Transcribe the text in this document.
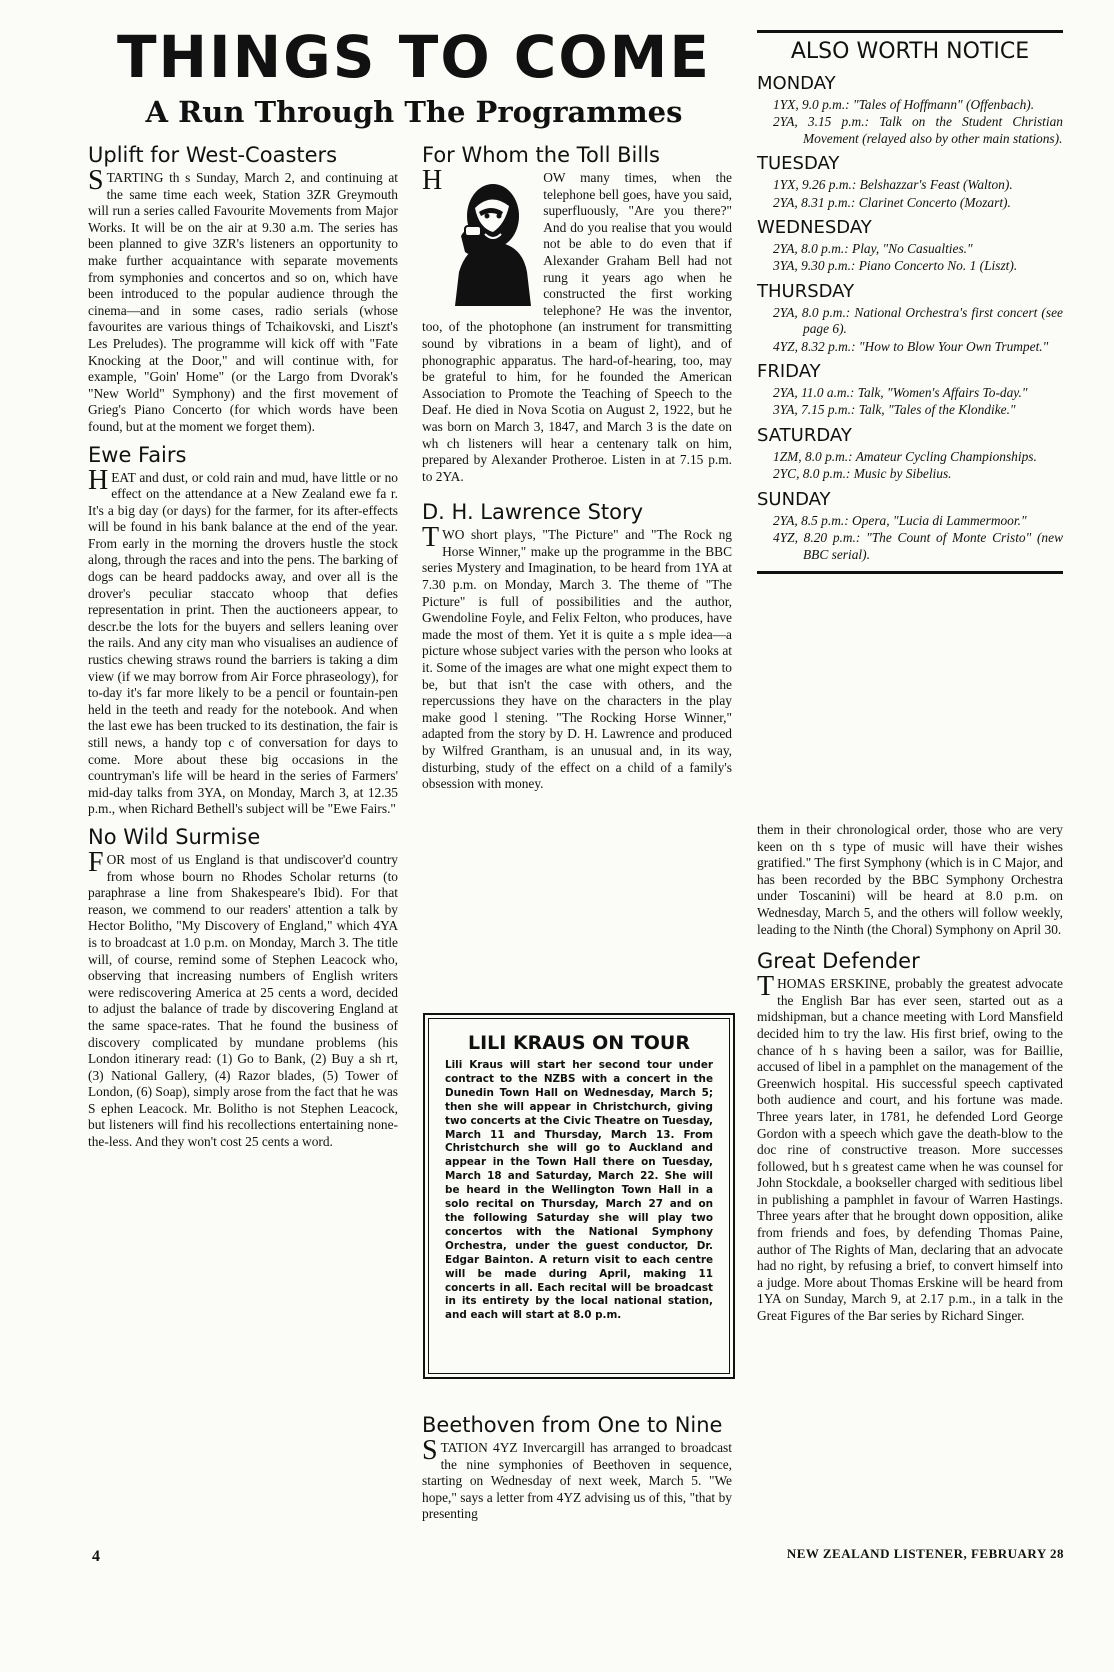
THINGS TO COME
A Run Through The Programmes
Uplift for West-Coasters

STARTING th s Sunday, March 2, and continuing at the same time each week, Station 3ZR Greymouth will run a series called Favourite Movements from Major Works. It will be on the air at 9.30 a.m. The series has been planned to give 3ZR's listeners an opportunity to make further acquaintance with separate movements from symphonies and concertos and so on, which have been introduced to the popular audience through the cinema—and in some cases, radio serials (whose favourites are various things of Tchaikovski, and Liszt's Les Preludes). The programme will kick off with "Fate Knocking at the Door," and will continue with, for example, "Goin' Home" (or the Largo from Dvorak's "New World" Symphony) and the first movement of Grieg's Piano Concerto (for which words have been found, but at the moment we forget them).

Ewe Fairs

HEAT and dust, or cold rain and mud, have little or no effect on the attendance at a New Zealand ewe fa r. It's a big day (or days) for the farmer, for its after-effects will be found in his bank balance at the end of the year. From early in the morning the drovers hustle the stock along, through the races and into the pens. The barking of dogs can be heard paddocks away, and over all is the drover's peculiar staccato whoop that defies representation in print. Then the auctioneers appear, to descr.be the lots for the buyers and sellers leaning over the rails. And any city man who visualises an audience of rustics chewing straws round the barriers is taking a dim view (if we may borrow from Air Force phraseology), for to-day it's far more likely to be a pencil or fountain-pen held in the teeth and ready for the notebook. And when the last ewe has been trucked to its destination, the fair is still news, a handy top c of conversation for days to come. More about these big occasions in the countryman's life will be heard in the series of Farmers' mid-day talks from 3YA, on Monday, March 3, at 12.35 p.m., when Richard Bethell's subject will be "Ewe Fairs."

No Wild Surmise

FOR most of us England is that undiscover'd country from whose bourn no Rhodes Scholar returns (to paraphrase a line from Shakespeare's Ibid). For that reason, we commend to our readers' attention a talk by Hector Bolitho, "My Discovery of England," which 4YA is to broadcast at 1.0 p.m. on Monday, March 3. The title will, of course, remind some of Stephen Leacock who, observing that increasing numbers of English writers were rediscovering America at 25 cents a word, decided to adjust the balance of trade by discovering England at the same space-rates. That he found the business of discovery complicated by mundane problems (his London itinerary read: (1) Go to Bank, (2) Buy a sh rt, (3) National Gallery, (4) Razor blades, (5) Tower of London, (6) Soap), simply arose from the fact that he was S ephen Leacock. Mr. Bolitho is not Stephen Leacock, but listeners will find his recollections entertaining none-the-less. And they won't cost 25 cents a word.

For Whom the Toll Bills

H	OW many times, when the telephone bell goes, have you said, superfluously, "Are you there?" And do you realise that you would not be able to do even that if Alexander Graham Bell had not rung it years ago when he constructed the first working telephone? He was the inventor, too, of the photophone (an instrument for transmitting sound by vibrations in a beam of light), and of phonographic apparatus. The hard-of-hearing, too, may be grateful to him, for he founded the American Association to Promote the Teaching of Speech to the Deaf. He died in Nova Scotia on August 2, 1922, but he was born on March 3, 1847, and March 3 is the date on wh ch listeners will hear a centenary talk on him, prepared by Alexander Protheroe. Listen in at 7.15 p.m. to 2YA.

D. H. Lawrence Story

TWO short plays, "The Picture" and "The Rock ng Horse Winner," make up the programme in the BBC series Mystery and Imagination, to be heard from 1YA at 7.30 p.m. on Monday, March 3. The theme of "The Picture" is full of possibilities and the author, Gwendoline Foyle, and Felix Felton, who produces, have made the most of them. Yet it is quite a s mple idea—a picture whose subject varies with the person who looks at it. Some of the images are what one might expect them to be, but that isn't the case with others, and the repercussions they have on the characters in the play make good l stening. "The Rocking Horse Winner," adapted from the story by D. H. Lawrence and produced by Wilfred Grantham, is an unusual and, in its way, disturbing, study of the effect on a child of a family's obsession with money.

LILI KRAUS ON TOUR

Lili Kraus will start her second tour under contract to the NZBS with a concert in the Dunedin Town Hall on Wednesday, March 5; then she will appear in Christchurch, giving two concerts at the Civic Theatre on Tuesday, March 11 and Thursday, March 13. From Christchurch she will go to Auckland and appear in the Town Hall there on Tuesday, March 18 and Saturday, March 22. She will be heard in the Wellington Town Hall in a solo recital on Thursday, March 27 and on the following Saturday she will play two concertos with the National Symphony Orchestra, under the guest conductor, Dr. Edgar Bainton. A return visit to each centre will be made during April, making 11 concerts in all. Each recital will be broadcast in its entirety by the local national station, and each will start at 8.0 p.m.

Beethoven from One to Nine

STATION 4YZ Invercargill has arranged to broadcast the nine symphonies of Beethoven in sequence, starting on Wednesday of next week, March 5. "We hope," says a letter from 4YZ advising us of this, "that by presenting

ALSO WORTH NOTICE
MONDAY
1YX, 9.0 p.m.: "Tales of Hoffmann" (Offenbach).
2YA, 3.15 p.m.: Talk on the Student Christian Movement (relayed also by other main stations).
TUESDAY
1YX, 9.26 p.m.: Belshazzar's Feast (Walton).
2YA, 8.31 p.m.: Clarinet Concerto (Mozart).
WEDNESDAY
2YA, 8.0 p.m.: Play, "No Casualties."
3YA, 9.30 p.m.: Piano Concerto No. 1 (Liszt).
THURSDAY
2YA, 8.0 p.m.: National Orchestra's first concert (see page 6).
4YZ, 8.32 p.m.: "How to Blow Your Own Trumpet."
FRIDAY
2YA, 11.0 a.m.: Talk, "Women's Affairs To-day."
3YA, 7.15 p.m.: Talk, "Tales of the Klondike."
SATURDAY
1ZM, 8.0 p.m.: Amateur Cycling Championships.
2YC, 8.0 p.m.: Music by Sibelius.
SUNDAY
2YA, 8.5 p.m.: Opera, "Lucia di Lammermoor."
4YZ, 8.20 p.m.: "The Count of Monte Cristo" (new BBC serial).

them in their chronological order, those who are very keen on th s type of music will have their wishes gratified." The first Symphony (which is in C Major, and has been recorded by the BBC Symphony Orchestra under Toscanini) will be heard at 8.0 p.m. on Wednesday, March 5, and the others will follow weekly, leading to the Ninth (the Choral) Symphony on April 30.

Great Defender

THOMAS ERSKINE, probably the greatest advocate the English Bar has ever seen, started out as a midshipman, but a chance meeting with Lord Mansfield decided him to try the law. His first brief, owing to the chance of h s having been a sailor, was for Baillie, accused of libel in a pamphlet on the management of the Greenwich hospital. His successful speech captivated both audience and court, and his fortune was made. Three years later, in 1781, he defended Lord George Gordon with a speech which gave the death-blow to the doc rine of constructive treason. More successes followed, but h s greatest came when he was counsel for John Stockdale, a bookseller charged with seditious libel in publishing a pamphlet in favour of Warren Hastings. Three years after that he brought down opposition, alike from friends and foes, by defending Thomas Paine, author of The Rights of Man, declaring that an advocate had no right, by refusing a brief, to convert himself into a judge. More about Thomas Erskine will be heard from 1YA on Sunday, March 9, at 2.17 p.m., in a talk in the Great Figures of the Bar series by Richard Singer.

4	NEW ZEALAND LISTENER, FEBRUARY 28
